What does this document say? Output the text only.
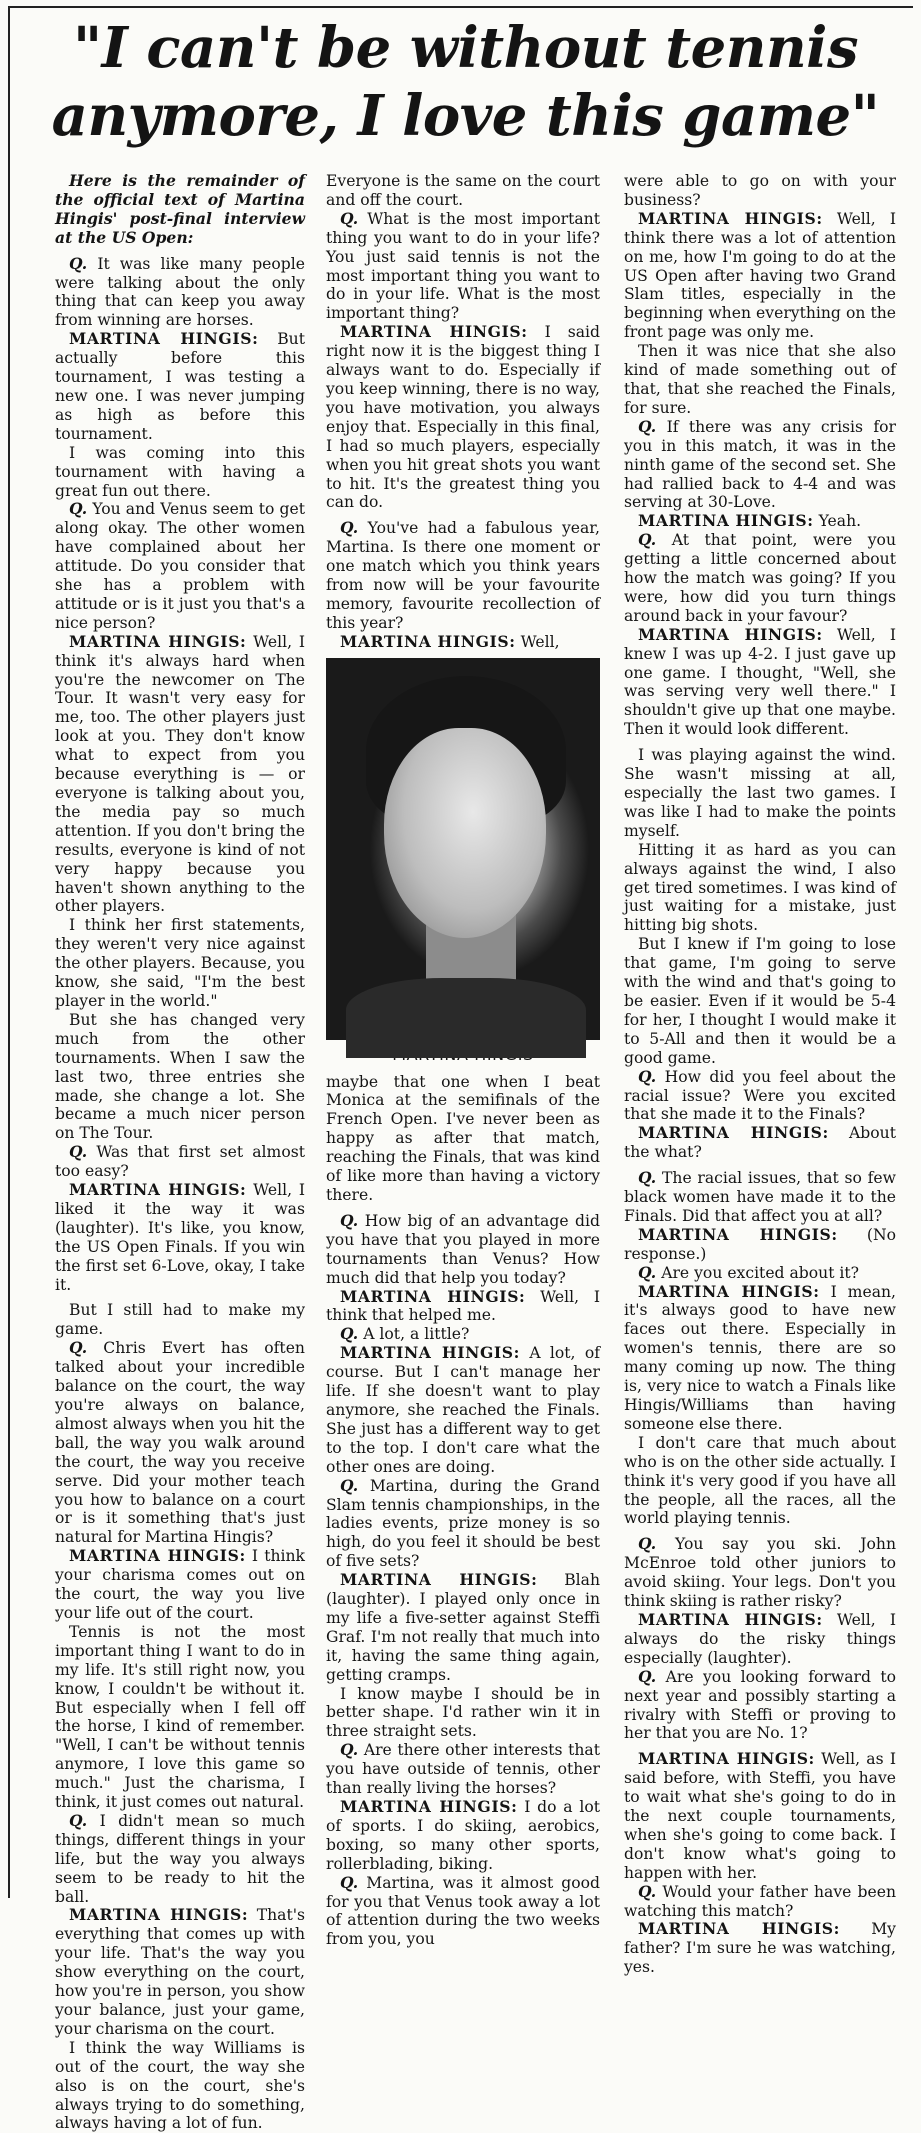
"I can't be without tennis
anymore, I love this game"

Here is the remainder of the official text of Martina Hingis' post-final interview at the US Open:

Q. It was like many people were talking about the only thing that can keep you away from winning are horses.

MARTINA HINGIS: But actually before this tournament, I was testing a new one. I was never jumping as high as before this tournament.

I was coming into this tournament with having a great fun out there.

Q. You and Venus seem to get along okay. The other women have complained about her attitude. Do you consider that she has a problem with attitude or is it just you that's a nice person?

MARTINA HINGIS: Well, I think it's always hard when you're the newcomer on The Tour. It wasn't very easy for me, too. The other players just look at you. They don't know what to expect from you because everything is — or everyone is talking about you, the media pay so much attention. If you don't bring the results, everyone is kind of not very happy because you haven't shown anything to the other players.

I think her first statements, they weren't very nice against the other players. Because, you know, she said, "I'm the best player in the world."

But she has changed very much from the other tournaments. When I saw the last two, three entries she made, she change a lot. She became a much nicer person on The Tour.

Q. Was that first set almost too easy?

MARTINA HINGIS: Well, I liked it the way it was (laughter). It's like, you know, the US Open Finals. If you win the first set 6-Love, okay, I take it.

But I still had to make my game.

Q. Chris Evert has often talked about your incredible balance on the court, the way you're always on balance, almost always when you hit the ball, the way you walk around the court, the way you receive serve. Did your mother teach you how to balance on a court or is it something that's just natural for Martina Hingis?

MARTINA HINGIS: I think your charisma comes out on the court, the way you live your life out of the court.

Tennis is not the most important thing I want to do in my life. It's still right now, you know, I couldn't be without it. But especially when I fell off the horse, I kind of remember. "Well, I can't be without tennis anymore, I love this game so much." Just the charisma, I think, it just comes out natural.

Q. I didn't mean so much things, different things in your life, but the way you always seem to be ready to hit the ball.

MARTINA HINGIS: That's everything that comes up with your life. That's the way you show everything on the court, how you're in person, you show your balance, just your game, your charisma on the court.

I think the way Williams is out of the court, the way she also is on the court, she's always trying to do something, always having a lot of fun.

Everyone is the same on the court and off the court.

Q. What is the most important thing you want to do in your life? You just said tennis is not the most important thing you want to do in your life. What is the most important thing?

MARTINA HINGIS: I said right now it is the biggest thing I always want to do. Especially if you keep winning, there is no way, you have motivation, you always enjoy that. Especially in this final, I had so much players, especially when you hit great shots you want to hit. It's the greatest thing you can do.

Q. You've had a fabulous year, Martina. Is there one moment or one match which you think years from now will be your favourite memory, favourite recollection of this year?

MARTINA HINGIS: Well,

maybe that one when I beat Monica at the semifinals of the French Open. I've never been as happy as after that match, reaching the Finals, that was kind of like more than having a victory there.

Q. How big of an advantage did you have that you played in more tournaments than Venus? How much did that help you today?

MARTINA HINGIS: Well, I think that helped me.

Q. A lot, a little?

MARTINA HINGIS: A lot, of course. But I can't manage her life. If she doesn't want to play anymore, she reached the Finals. She just has a different way to get to the top. I don't care what the other ones are doing.

Q. Martina, during the Grand Slam tennis championships, in the ladies events, prize money is so high, do you feel it should be best of five sets?

MARTINA HINGIS: Blah (laughter). I played only once in my life a five-setter against Steffi Graf. I'm not really that much into it, having the same thing again, getting cramps.

I know maybe I should be in better shape. I'd rather win it in three straight sets.

Q. Are there other interests that you have outside of tennis, other than really living the horses?

MARTINA HINGIS: I do a lot of sports. I do skiing, aerobics, boxing, so many other sports, rollerblading, biking.

Q. Martina, was it almost good for you that Venus took away a lot of attention during the two weeks from you, you

were able to go on with your business?

MARTINA HINGIS: Well, I think there was a lot of attention on me, how I'm going to do at the US Open after having two Grand Slam titles, especially in the beginning when everything on the front page was only me.

Then it was nice that she also kind of made something out of that, that she reached the Finals, for sure.

Q. If there was any crisis for you in this match, it was in the ninth game of the second set. She had rallied back to 4-4 and was serving at 30-Love.

MARTINA HINGIS: Yeah.

Q. At that point, were you getting a little concerned about how the match was going? If you were, how did you turn things around back in your favour?

MARTINA HINGIS: Well, I knew I was up 4-2. I just gave up one game. I thought, "Well, she was serving very well there." I shouldn't give up that one maybe. Then it would look different.

I was playing against the wind. She wasn't missing at all, especially the last two games. I was like I had to make the points myself.

Hitting it as hard as you can always against the wind, I also get tired sometimes. I was kind of just waiting for a mistake, just hitting big shots.

But I knew if I'm going to lose that game, I'm going to serve with the wind and that's going to be easier. Even if it would be 5-4 for her, I thought I would make it to 5-All and then it would be a good game.

Q. How did you feel about the racial issue? Were you excited that she made it to the Finals?

MARTINA HINGIS: About the what?

Q. The racial issues, that so few black women have made it to the Finals. Did that affect you at all?

MARTINA HINGIS: (No response.)

Q. Are you excited about it?

MARTINA HINGIS: I mean, it's always good to have new faces out there. Especially in women's tennis, there are so many coming up now. The thing is, very nice to watch a Finals like Hingis/Williams than having someone else there.

I don't care that much about who is on the other side actually. I think it's very good if you have all the people, all the races, all the world playing tennis.

Q. You say you ski. John McEnroe told other juniors to avoid skiing. Your legs. Don't you think skiing is rather risky?

MARTINA HINGIS: Well, I always do the risky things especially (laughter).

Q. Are you looking forward to next year and possibly starting a rivalry with Steffi or proving to her that you are No. 1?

MARTINA HINGIS: Well, as I said before, with Steffi, you have to wait what she's going to do in the next couple tournaments, when she's going to come back. I don't know what's going to happen with her.

Q. Would your father have been watching this match?

MARTINA HINGIS: My father? I'm sure he was watching, yes.
